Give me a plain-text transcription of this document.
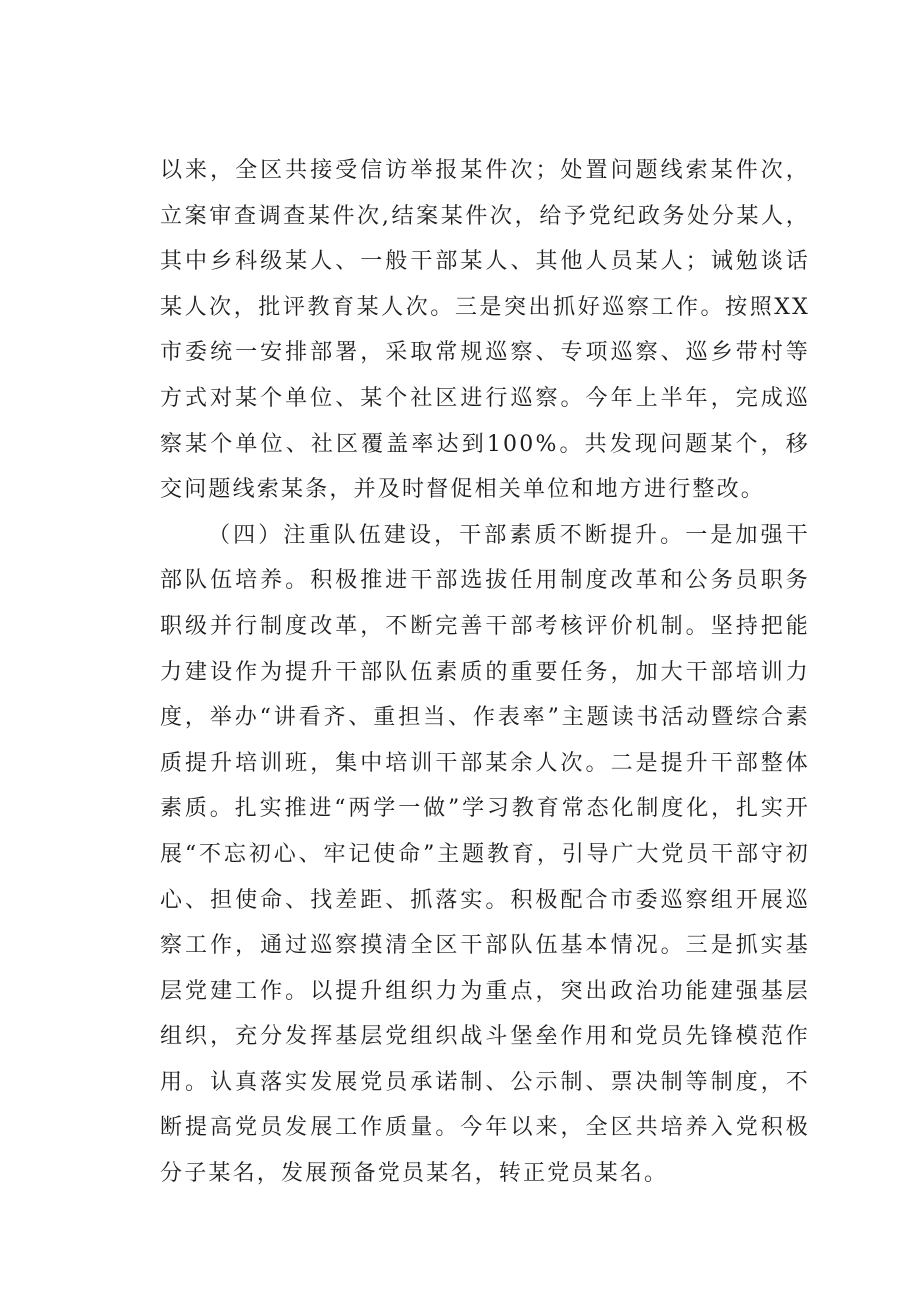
以来，全区共接受信访举报某件次；处置问题线索某件次，立案审查调查某件次,结案某件次，给予党纪政务处分某人，其中乡科级某人、一般干部某人、其他人员某人；诫勉谈话某人次，批评教育某人次。三是突出抓好巡察工作。按照XX市委统一安排部署，采取常规巡察、专项巡察、巡乡带村等方式对某个单位、某个社区进行巡察。今年上半年，完成巡察某个单位、社区覆盖率达到100%。共发现问题某个，移交问题线索某条，并及时督促相关单位和地方进行整改。

（四）注重队伍建设，干部素质不断提升。一是加强干部队伍培养。积极推进干部选拔任用制度改革和公务员职务职级并行制度改革，不断完善干部考核评价机制。坚持把能力建设作为提升干部队伍素质的重要任务，加大干部培训力度，举办“讲看齐、重担当、作表率”主题读书活动暨综合素质提升培训班，集中培训干部某余人次。二是提升干部整体素质。扎实推进“两学一做”学习教育常态化制度化，扎实开展“不忘初心、牢记使命”主题教育，引导广大党员干部守初心、担使命、找差距、抓落实。积极配合市委巡察组开展巡察工作，通过巡察摸清全区干部队伍基本情况。三是抓实基层党建工作。以提升组织力为重点，突出政治功能建强基层组织，充分发挥基层党组织战斗堡垒作用和党员先锋模范作用。认真落实发展党员承诺制、公示制、票决制等制度，不断提高党员发展工作质量。今年以来，全区共培养入党积极分子某名，发展预备党员某名，转正党员某名。
